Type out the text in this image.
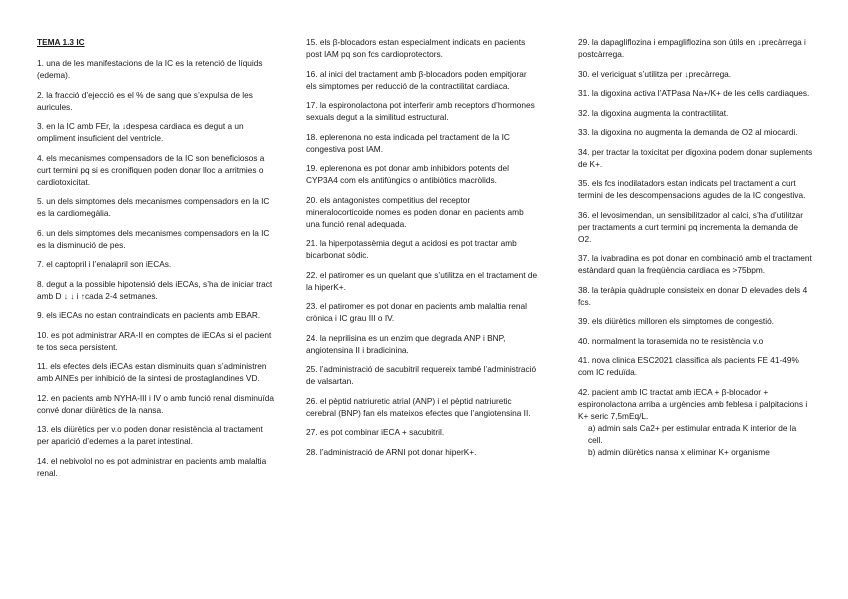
TEMA 1.3 IC
1. una de les manifestacions de la IC es la retenció de líquids (edema).
2. la fracció d’ejecció es el % de sang que s’expulsa de les auricules.
3. en la IC amb FEr, la ↓despesa cardiaca es degut a un ompliment insuficient del ventricle.
4. els mecanismes compensadors de la IC son beneficiosos a curt termini pq si es cronifiquen poden donar lloc a arritmies o cardiotoxicitat.
5. un dels simptomes dels mecanismes compensadors en la IC es la cardiomegàlia.
6. un dels simptomes dels mecanismes compensadors en la IC es la disminució de pes.
7. el captopril i l’enalapril son iECAs.
8. degut a la possible hipotensió dels iECAs, s’ha de iniciar tract amb D ↓ ↓ i ↑cada 2-4 setmanes.
9. els iECAs no estan contraindicats en pacients amb EBAR.
10. es pot administrar ARA-II en comptes de iECAs si el pacient te tos seca persistent.
11. els efectes dels iECAs estan disminuits quan s’administren amb AINEs per inhibició de la sintesi de prostaglandines VD.
12. en pacients amb NYHA-III i IV o amb funció renal disminuïda convé donar diürètics de la nansa.
13. els diürètics per v.o poden donar resistència al tractament per aparició d’edemes a la paret intestinal.
14. el nebivolol no es pot administrar en pacients amb malaltia renal.
15. els β-blocadors estan especialment indicats en pacients post IAM pq son fcs cardioprotectors.
16. al inici del tractament amb β-blocadors poden empitjorar els simptomes per reducció de la contractilitat cardiaca.
17. la espironolactona pot interferir amb receptors d’hormones sexuals degut a la similitud estructural.
18. eplerenona no esta indicada pel tractament de la IC congestiva post IAM.
19. eplerenona es pot donar amb inhibidors potents del CYP3A4 com els antifúngics o antibiòtics macròlids.
20. els antagonistes competitius del receptor mineralocorticoide nomes es poden donar en pacients amb una funció renal adequada.
21. la hiperpotassèmia degut a acidosi es pot tractar amb bicarbonat sòdic.
22. el patiromer es un quelant que s’utilitza en el tractament de la hiperK+.
23. el patiromer es pot donar en pacients amb malaltia renal crònica i IC grau III o IV.
24. la neprilisina es un enzim que degrada ANP i BNP, angiotensina II i bradicinina.
25. l’administració de sacubitril requereix també l’administració de valsartan.
26. el pèptid natriuretic atrial (ANP) i el pèptid natriuretic cerebral (BNP) fan els mateixos efectes que l’angiotensina II.
27. es pot combinar iECA + sacubitril.
28. l’administració de ARNI pot donar hiperK+.
29. la dapagliflozina i empagliflozina son útils en ↓precàrrega i postcàrrega.
30. el vericiguat s’utilitza per ↓precàrrega.
31. la digoxina activa l’ATPasa Na+/K+ de les cells cardiaques.
32. la digoxina augmenta la contractilitat.
33. la digoxina no augmenta la demanda de O2 al miocardi.
34. per tractar la toxicitat per digoxina podem donar suplements de K+.
35. els fcs inodilatadors estan indicats pel tractament a curt termini de les descompensacions agudes de la IC congestiva.
36. el levosimendan, un sensibilitzador al calci, s’ha d’utilitzar per tractaments a curt termini pq incrementa la demanda de O2.
37. la ivabradina es pot donar en combinació amb el tractament estàndard quan la freqüència cardiaca es >75bpm.
38. la teràpia quàdruple consisteix en donar D elevades dels 4 fcs.
39. els diürètics milloren els simptomes de congestió.
40. normalment la torasemida no te resistència v.o
41. nova clinica ESC2021 classifica als pacients FE 41-49% com IC reduïda.
42. pacient amb IC tractat amb iECA + β-blocador + espironolactona arriba a urgències amb feblesa i palpitacions i K+ seric 7,5mEq/L.
a) admin sals Ca2+ per estimular entrada K interior de la cell.
b) admin diürètics nansa x eliminar K+ organisme
